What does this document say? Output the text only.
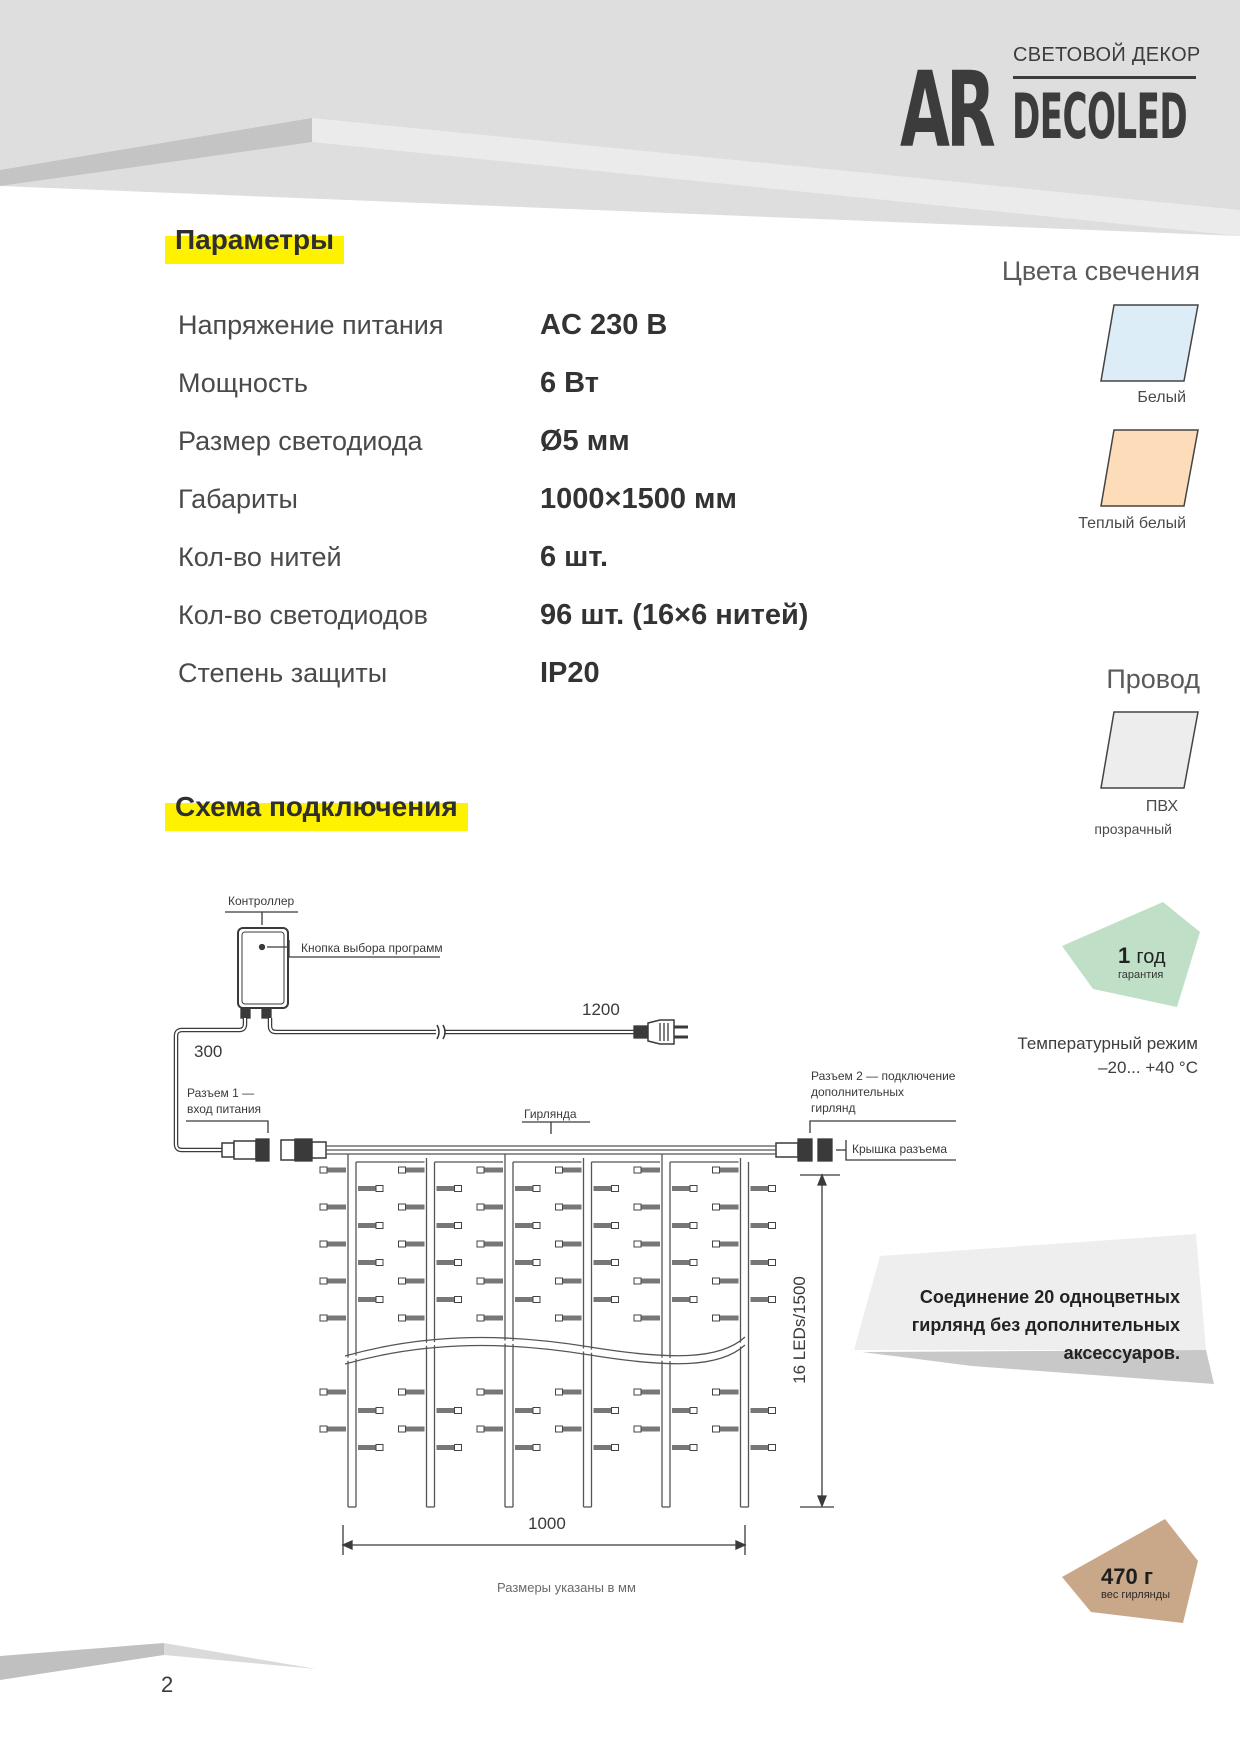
AR СВЕТОВОЙ ДЕКОР
DECOLED
Параметры
Напряжение питания	AC 230 В
Мощность	6 Вт
Размер светодиода	Ø5 мм
Габариты	1000×1500 мм
Кол-во нитей	6 шт.
Кол-во светодиодов	96 шт. (16×6 нитей)
Степень защиты	IP20
Цвета свечения
Белый
Теплый белый
Провод
ПВХ
прозрачный
1 год
гарантия
Температурный режим
–20... +40 °C
Соединение 20 одноцветных
гирлянд без дополнительных
аксессуаров.
470 г
вес гирлянды
Схема подключения
Контроллер
Кнопка выбора программ
1200
300
Разъем 1 —
вход питания	Гирлянда
Разъем 2 — подключение
дополнительных
гирлянд
Крышка разъема
16 LEDs/1500
1000
Размеры указаны в мм
2
